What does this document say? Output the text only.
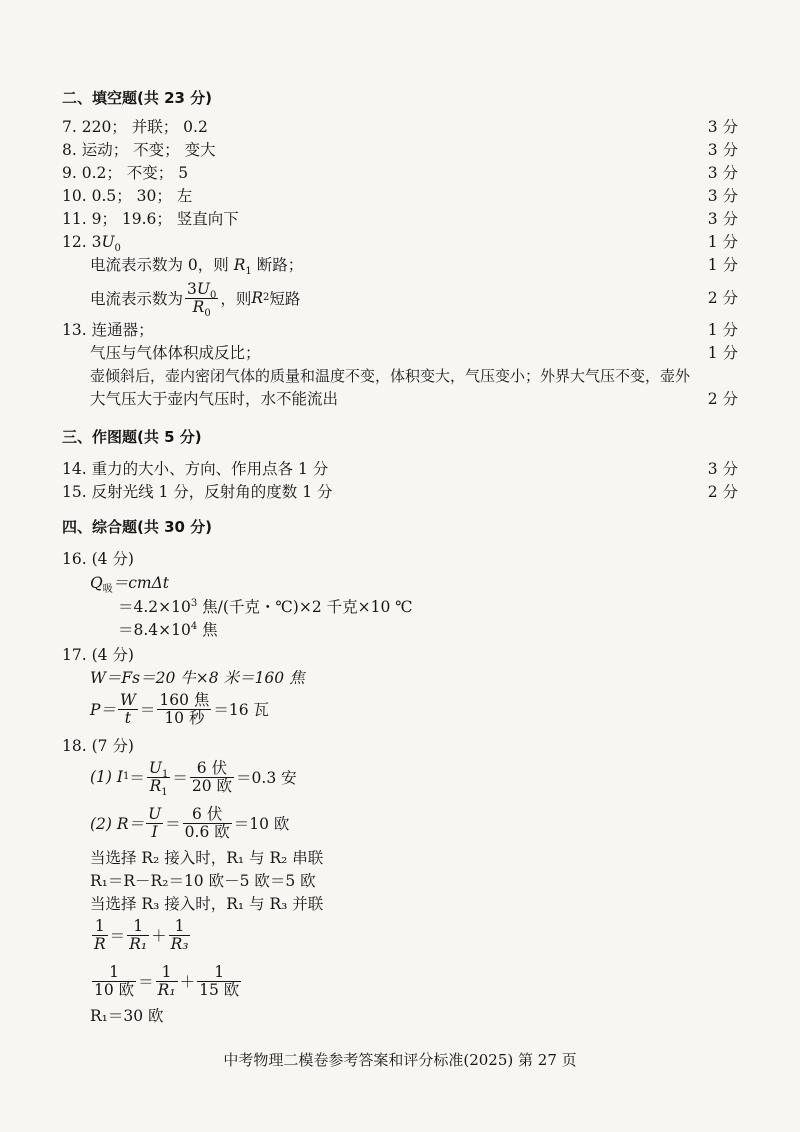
二、填空题(共 23 分)
7. 220； 并联； 0.2	3 分
8. 运动； 不变； 变大	3 分
9. 0.2； 不变； 5	3 分
10. 0.5； 30； 左	3 分
11. 9； 19.6； 竖直向下	3 分
12. $3U_0$	1 分
电流表示数为 0，则 $R_1$ 断路；	1 分
电流表示数为 $\frac{3U_0}{R_0}$ ，则 R 2 短路	2 分
13. 连通器；	1 分
气压与气体体积成反比；	1 分
壶倾斜后，壶内密闭气体的质量和温度不变，体积变大，气压变小；外界大气压不变，壶外
大气压大于壶内气压时，水不能流出	2 分
三、作图题(共 5 分)
14. 重力的大小、方向、作用点各 1 分	3 分
15. 反射光线 1 分，反射角的度数 1 分	2 分
四、综合题(共 30 分)
16. (4 分)
$Q_吸=cm\Delta t$
$=4.2\times 10^3$ 焦/(千克・℃)×2 千克×10 ℃
$=8.4\times 10^4$ 焦
17. (4 分)
W＝Fs＝20 牛×8 米＝160 焦
$P= \frac{W}{t} = \frac{\text{160 焦}}{\text{10 秒}} =16$ 瓦
18. (7 分)
(1) I $1 = \frac{U_1}{R_1} = \frac{\text{6 伏}}{\text{20 欧}} =0.3$ 安
(2) $R= \frac{U}{I} = \frac{\text{6 伏}}{\text{0.6 欧}} =10$ 欧
当选择 R₂ 接入时，R₁ 与 R₂ 串联
R₁＝R－R₂＝10 欧－5 欧＝5 欧
当选择 R₃ 接入时，R₁ 与 R₃ 并联
$\frac{1}{R} = \frac{1}{\text{R₁}} + \frac{1}{\text{R₃}}$
$\frac{1}{\text{10 欧}} = \frac{1}{\text{R₁}} + \frac{1}{\text{15 欧}}$
R₁＝30 欧
中考物理二模卷参考答案和评分标准(2025) 第 27 页
